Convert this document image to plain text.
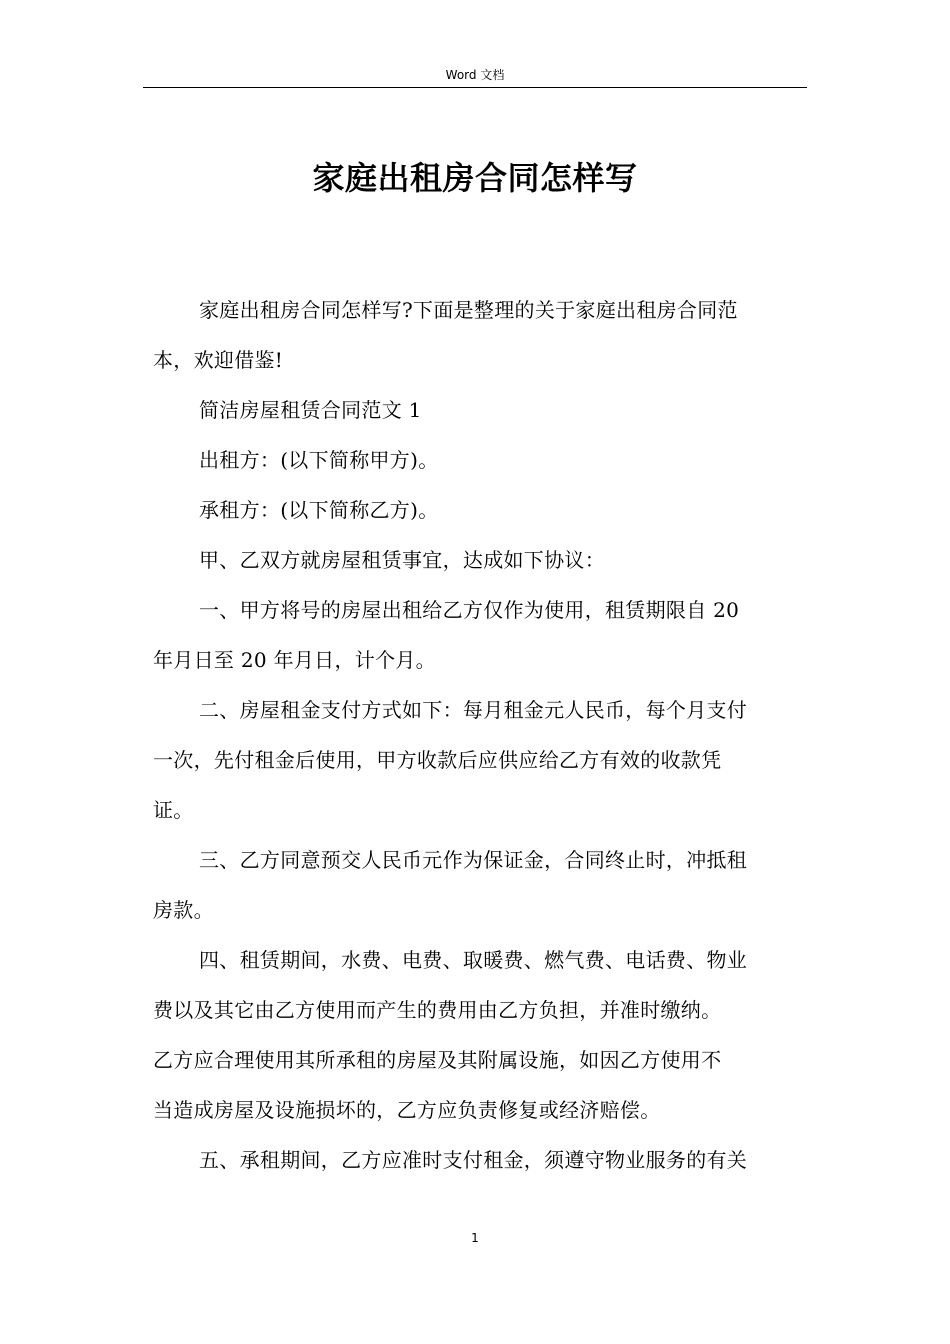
Word 文档
家庭出租房合同怎样写

家庭出租房合同怎样写?下面是整理的关于家庭出租房合同范
本，欢迎借鉴!

简洁房屋租赁合同范文 1

出租方：(以下简称甲方)。

承租方：(以下简称乙方)。

甲、乙双方就房屋租赁事宜，达成如下协议：

一、甲方将号的房屋出租给乙方仅作为使用，租赁期限自 20
年月日至 20 年月日，计个月。

二、房屋租金支付方式如下：每月租金元人民币，每个月支付
一次，先付租金后使用，甲方收款后应供应给乙方有效的收款凭
证。

三、乙方同意预交人民币元作为保证金，合同终止时，冲抵租
房款。

四、租赁期间，水费、电费、取暖费、燃气费、电话费、物业
费以及其它由乙方使用而产生的费用由乙方负担，并准时缴纳。
乙方应合理使用其所承租的房屋及其附属设施，如因乙方使用不
当造成房屋及设施损坏的，乙方应负责修复或经济赔偿。

五、承租期间，乙方应准时支付租金，须遵守物业服务的有关

1
